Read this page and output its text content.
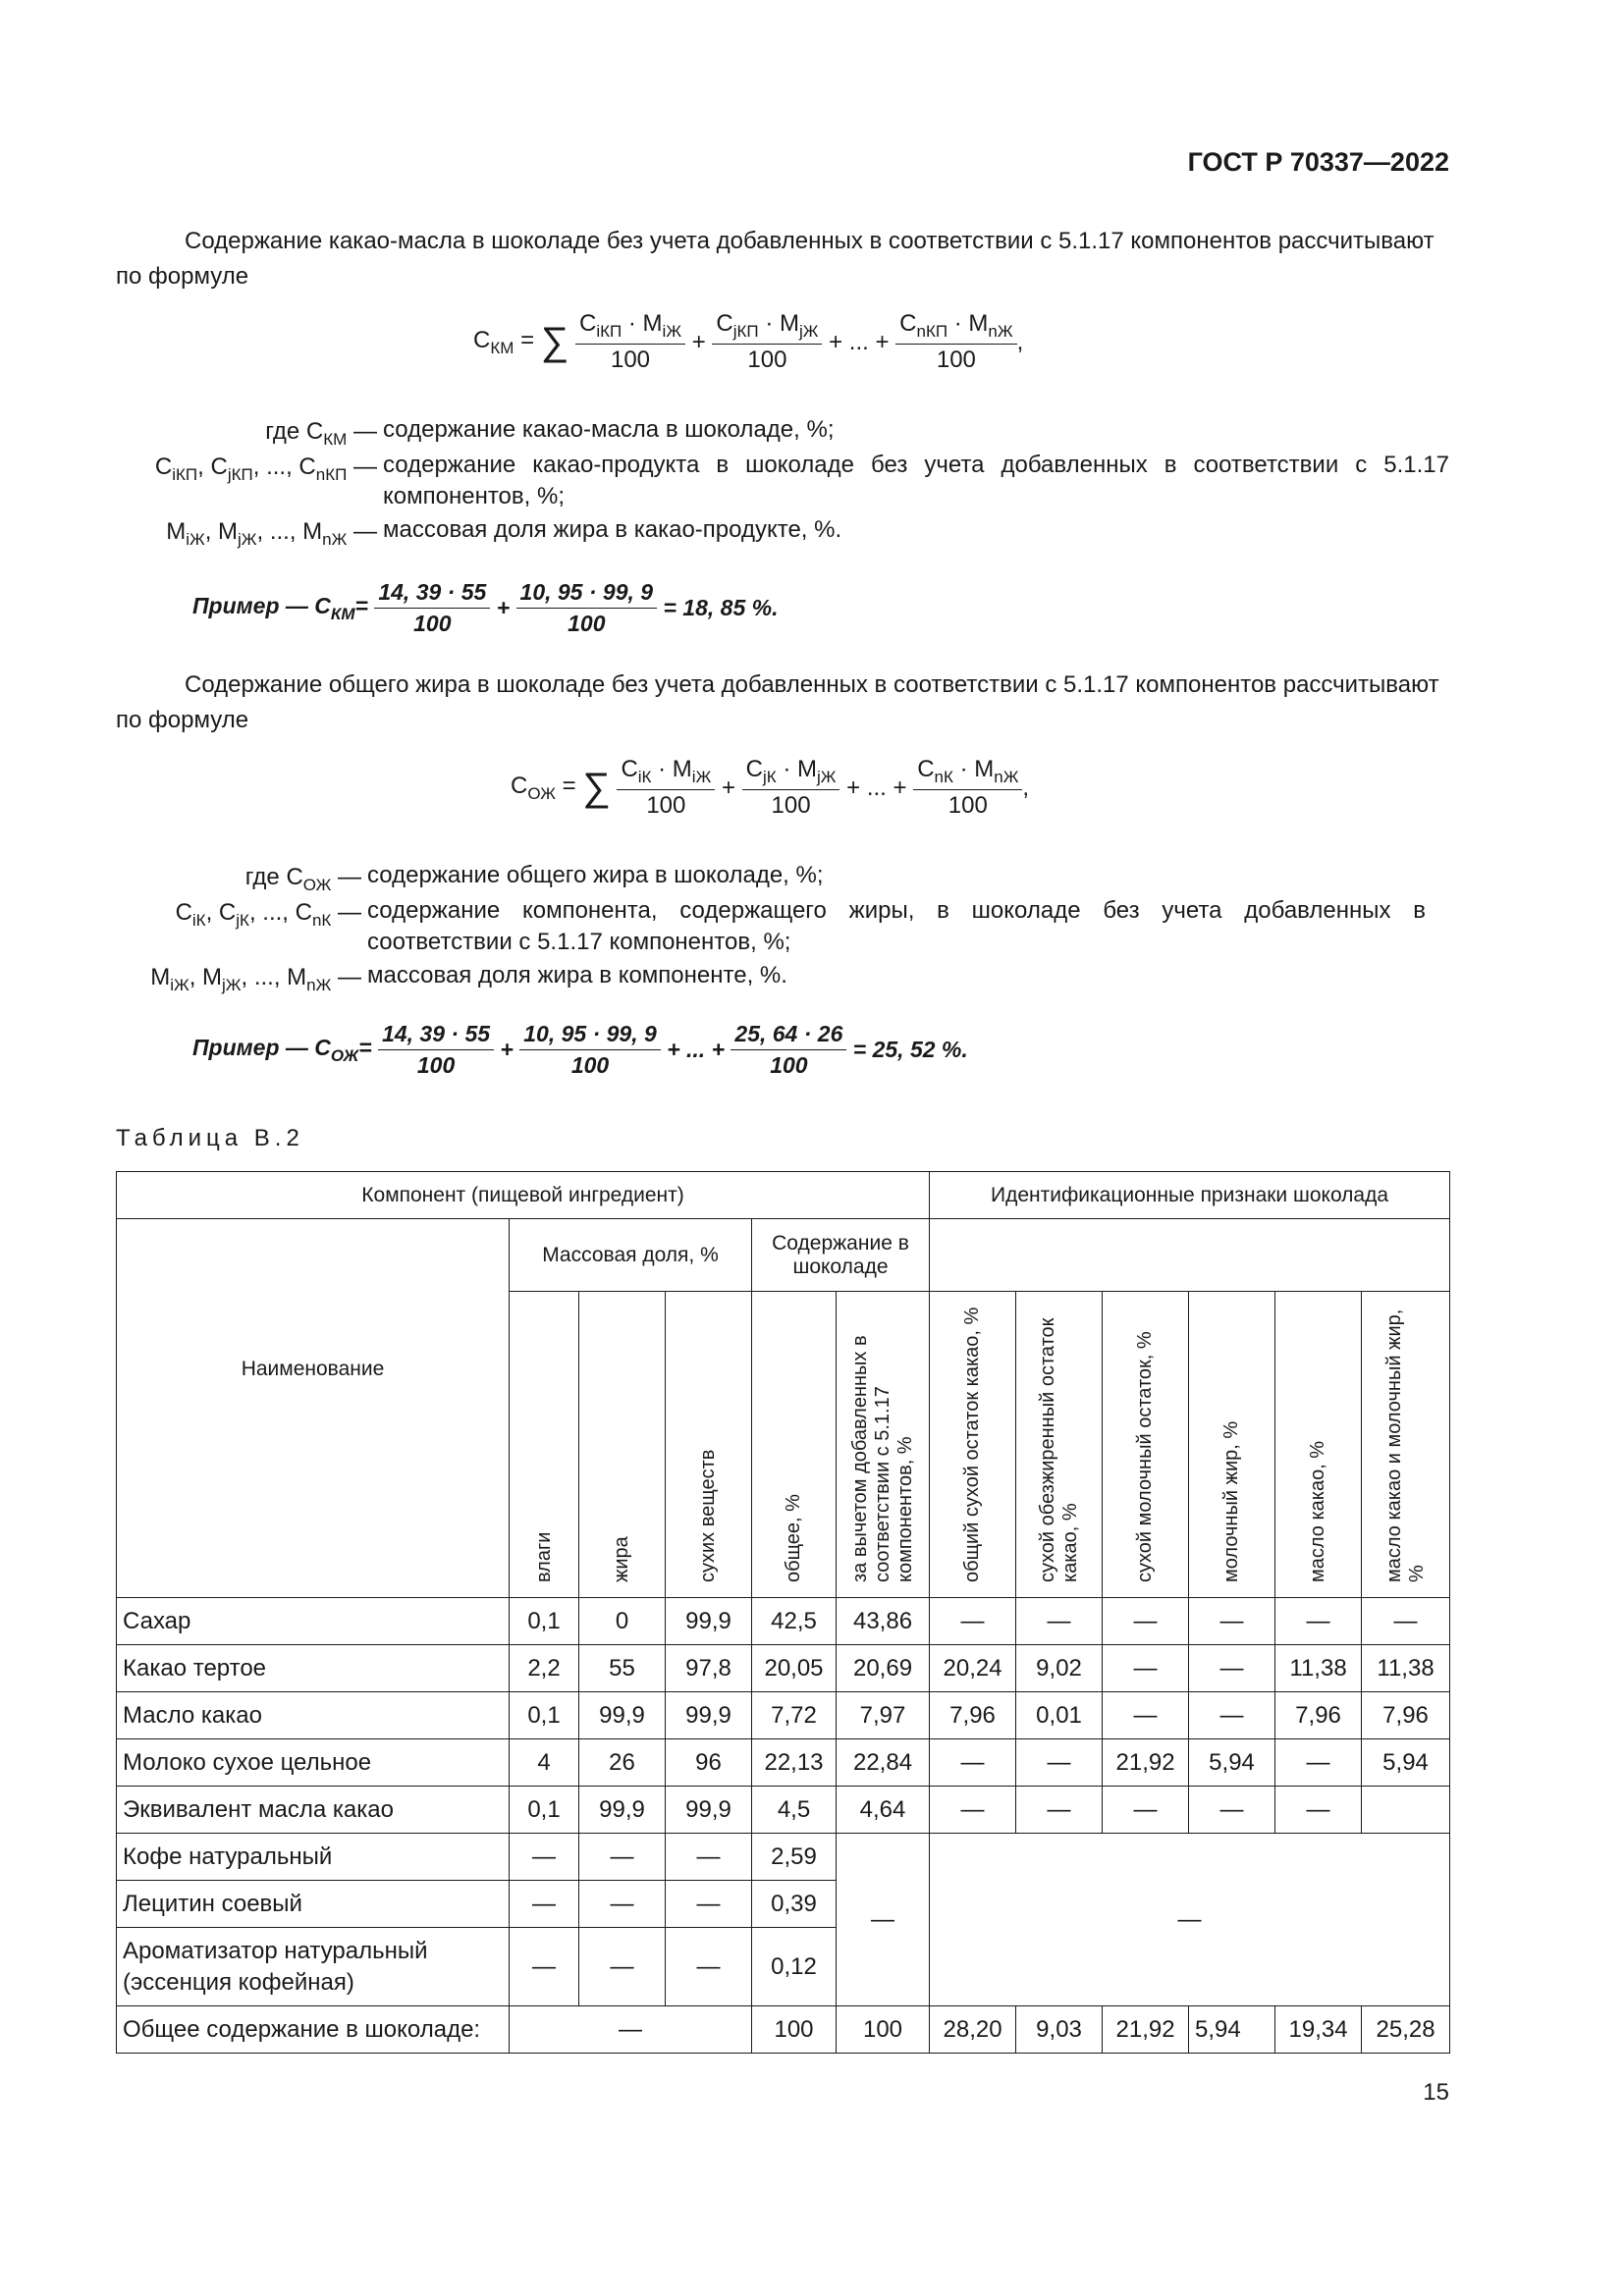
ГОСТ Р 70337—2022
Содержание какао-масла в шоколаде без учета добавленных в соответствии с 5.1.17 компонентов рассчитывают по формуле
$C_{КМ}$ = ∑ $C_{iКП} \cdot M_{iЖ}$
100
+
$C_{jКП} \cdot M_{jЖ}$
100
+ ... +
$C_{nКП} \cdot M_{nЖ}$
100
,
где $C_{КМ}$ — содержание какао-масла в шоколаде, %;
$C_{iКП}$, $C_{jКП}$, ..., $C_{nКП}$ — содержание какао-продукта в шоколаде без учета добавленных в соответствии с 5.1.17 компонентов, %;
$M_{iЖ}$, $M_{jЖ}$, ..., $M_{nЖ}$ — массовая доля жира в какао-продукте, %.
Пример — $C_{КМ}= \frac{14, 39 \cdot 55}{100} + \frac{10, 95 \cdot 99, 9}{100} = 18$, 85 %.
Содержание общего жира в шоколаде без учета добавленных в соответствии с 5.1.17 компонентов рассчитывают по формуле
$C_{ОЖ}$ = ∑ $C_{iК} \cdot M_{iЖ}$
100
+
$C_{jК} \cdot M_{jЖ}$
100
+ ... +
$C_{nК} \cdot M_{nЖ}$
100
,
где $C_{ОЖ}$ — содержание общего жира в шоколаде, %;
$C_{iК}$, $C_{jК}$, ..., $C_{nК}$ — содержание компонента, содержащего жиры, в шоколаде без учета добавленных в соответствии с 5.1.17 компонентов, %;
$M_{iЖ}$, $M_{jЖ}$, ..., $M_{nЖ}$ — массовая доля жира в компоненте, %.
Пример — $C_{ОЖ}= \frac{14, 39 \cdot 55}{100} + \frac{10, 95 \cdot 99, 9}{100}$ + ... + $\frac{25, 64 \cdot 26}{100} = 25$, 52 %.
Таблица В.2
Компонент (пищевой ингредиент)						Идентификационные признаки шоколада					
Наименование	Массовая доля, %			Содержание в шоколаде							
	влаги	жира	сухих веществ	общее, %	за вычетом добавленных в соответствии с 5.1.17 компонентов, %	общий сухой остаток какао, %	сухой обезжиренный остаток какао, %	сухой молочный остаток, %	молочный жир, %	масло какао, %	масло какао и молочный жир, %
Сахар	0,1	0	99,9	42,5	43,86	—	—	—	—	—	—
Какао тертое	2,2	55	97,8	20,05	20,69	20,24	9,02	—	—	11,38	11,38
Масло какао	0,1	99,9	99,9	7,72	7,97	7,96	0,01	—	—	7,96	7,96
Молоко сухое цельное	4	26	96	22,13	22,84	—	—	21,92	5,94	—	5,94
Эквивалент масла какао	0,1	99,9	99,9	4,5	4,64	—	—	—	—	—	
Кофе натуральный	—	—	—	2,59	—	—					
Лецитин соевый	—	—	—	0,39							
Ароматизатор натуральный (эссенция кофейная)	—	—	—	0,12							
Общее содержание в шоколаде:	—			100	100	28,20	9,03	21,92	5,94	19,34	25,28
15
